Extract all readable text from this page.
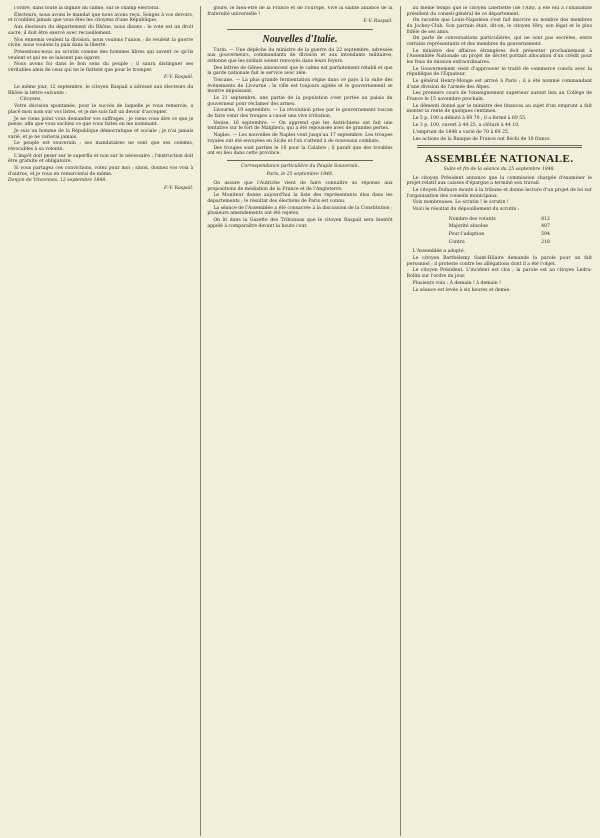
l'ordre, dans toute la dignité du calme, sur le champ électoral.

Électeurs, nous avons le mandat que nous avons reçu. Songez à vos devoirs, et n'oubliez jamais que vous êtes les citoyens d'une République.

Aux électeurs du département du Rhône, nous disons : le vote est un droit sacré, il doit être exercé avec recueillement.

Nos ennemis veulent la division, nous voulons l'union ; ils veulent la guerre civile, nous voulons la paix dans la liberté.

Présentons-nous au scrutin comme des hommes libres qui savent ce qu'ils veulent et qui ne se laissent pas égarer.

Nous avons foi dans le bon sens du peuple ; il saura distinguer ses véritables amis de ceux qui ne le flattent que pour le tromper.

F.-V. Raspail.

Le même jour, 12 septembre, le citoyen Raspail a adressé aux électeurs du Rhône la lettre suivante :

Citoyens,

Votre décision spontanée, pour le succès de laquelle je vous remercie, a placé mon nom sur vos listes, et je me suis fait un devoir d'accepter.

Je ne viens point vous demander vos suffrages ; je viens vous dire ce que je pense, afin que vous sachiez ce que vous faites en me nommant.

Je suis un homme de la République démocratique et sociale ; je n'ai jamais varié, et je ne varierai jamais.

Le peuple est souverain ; ses mandataires ne sont que ses commis, révocables à sa volonté.

L'impôt doit peser sur le superflu et non sur le nécessaire ; l'instruction doit être gratuite et obligatoire.

Si vous partagez ces convictions, votez pour moi ; sinon, donnez vos voix à d'autres, et je vous en remercierai de même.

Donjon de Vincennes, 12 septembre 1848.
F.-V. Raspail.

gloire, le bien-être de la France et de l'Europe. Vive la sainte alliance de la fraternité universelle !

F.-V. Raspail.
Nouvelles d'Italie.

Turin. — Une dépêche du ministre de la guerre du 22 septembre, adressée aux gouverneurs, commandants de division et aux intendants militaires, ordonne que les soldats soient renvoyés dans leurs foyers.

Des lettres de Gênes annoncent que le calme est parfaitement rétabli et que la garde nationale fait le service avec zèle.

Toscane. — La plus grande fermentation règne dans ce pays à la suite des événements de Livourne ; la ville est toujours agitée et le gouvernement se montre impuissant.

Le 21 septembre, une partie de la population s'est portée au palais du gouverneur pour réclamer des armes.

Livourne, 19 septembre. — La révolution prise par le gouvernement toscan de faire venir des troupes a causé une vive irritation.

Venise, 16 septembre. — On apprend que les Autrichiens ont fait une tentative sur le fort de Malghera, qui a été repoussée avec de grandes pertes.

Naples. — Les nouvelles de Naples vont jusqu'au 17 septembre. Les troupes royales ont été envoyées en Sicile et l'on s'attend à de nouveaux combats.

Des troupes sont parties le 16 pour la Calabre ; il paraît que des troubles ont eu lieu dans cette province.

Correspondance particulière du Peuple Souverain.
Paris, le 25 septembre 1848.

On assure que l'Autriche vient de faire connaître sa réponse aux propositions de médiation de la France et de l'Angleterre.

Le Moniteur donne aujourd'hui la liste des représentants élus dans les départements ; le résultat des élections de Paris est connu.

La séance de l'Assemblée a été consacrée à la discussion de la Constitution ; plusieurs amendements ont été rejetés.

On lit dans la Gazette des Tribunaux que le citoyen Raspail sera bientôt appelé à comparaître devant la haute cour.

au même temps que le citoyen Lherbette (de l'Ain), a été élu à l'unanimité président du conseil général de ce département.

On raconte que Louis-Napoléon s'est fait inscrire au nombre des membres du Jockey-Club. Son parrain était, dit-on, le citoyen Véry, son légat et le plus fidèle de ses amis.

On parle de conversations particulières, qui ne sont pas secrètes, entre certains représentants et des membres du gouvernement.

Le ministre des affaires étrangères doit présenter prochainement à l'Assemblée Nationale un projet de décret portant allocation d'un crédit pour les frais de mission extraordinaires.

Le Gouvernement vient d'approuver le traité de commerce conclu avec la république de l'Équateur.

Le général Henry-Monge est arrivé à Paris ; il a été nommé commandant d'une division de l'armée des Alpes.

Les premiers cours de l'enseignement supérieur auront lieu au Collège de France le 15 novembre prochain.

Le démenti donné par le ministre des finances au sujet d'un emprunt a fait monter la rente de quelques centimes.

Le 5 p. 100 a débuté à 69 70 ; il a fermé à 69 55.

Le 3 p. 100, ouvert à 44 25, a clôturé à 44 10.

L'emprunt de 1848 a varié de 70 à 69 25.

Les actions de la Banque de France ont fléchi de 10 francs.

ASSEMBLÉE NATIONALE.
Suite et fin de la séance du 25 septembre 1848.

Le citoyen Président annonce que la commission chargée d'examiner le projet relatif aux caisses d'épargne a terminé son travail.

Le citoyen Dufaure monte à la tribune et donne lecture d'un projet de loi sur l'organisation des conseils municipaux.

Voix nombreuses. Le scrutin ! le scrutin !

Voici le résultat du dépouillement du scrutin :

Nombre des votants	812
Majorité absolue	407
Pour l'adoption	594
Contre	218

L'Assemblée a adopté.

Le citoyen Barthélemy Saint-Hilaire demande la parole pour un fait personnel ; il proteste contre les allégations dont il a été l'objet.

Le citoyen Président. L'incident est clos ; la parole est au citoyen Ledru-Rollin sur l'ordre du jour.

Plusieurs voix : À demain ! à demain !

La séance est levée à six heures et demie.
